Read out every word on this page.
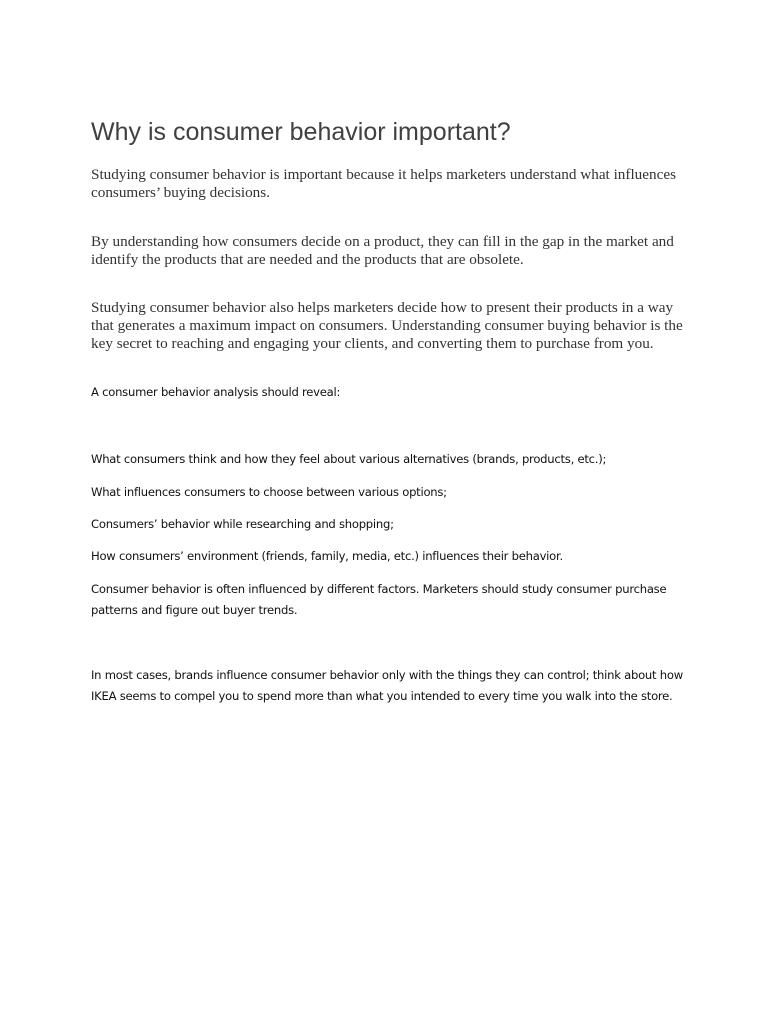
Why is consumer behavior important?

Studying consumer behavior is important because it helps marketers understand what influences consumers’ buying decisions.

By understanding how consumers decide on a product, they can fill in the gap in the market and identify the products that are needed and the products that are obsolete.

Studying consumer behavior also helps marketers decide how to present their products in a way that generates a maximum impact on consumers. Understanding consumer buying behavior is the key secret to reaching and engaging your clients, and converting them to purchase from you.

A consumer behavior analysis should reveal:

What consumers think and how they feel about various alternatives (brands, products, etc.);

What influences consumers to choose between various options;

Consumers’ behavior while researching and shopping;

How consumers’ environment (friends, family, media, etc.) influences their behavior.

Consumer behavior is often influenced by different factors. Marketers should study consumer purchase patterns and figure out buyer trends.

In most cases, brands influence consumer behavior only with the things they can control; think about how IKEA seems to compel you to spend more than what you intended to every time you walk into the store.
